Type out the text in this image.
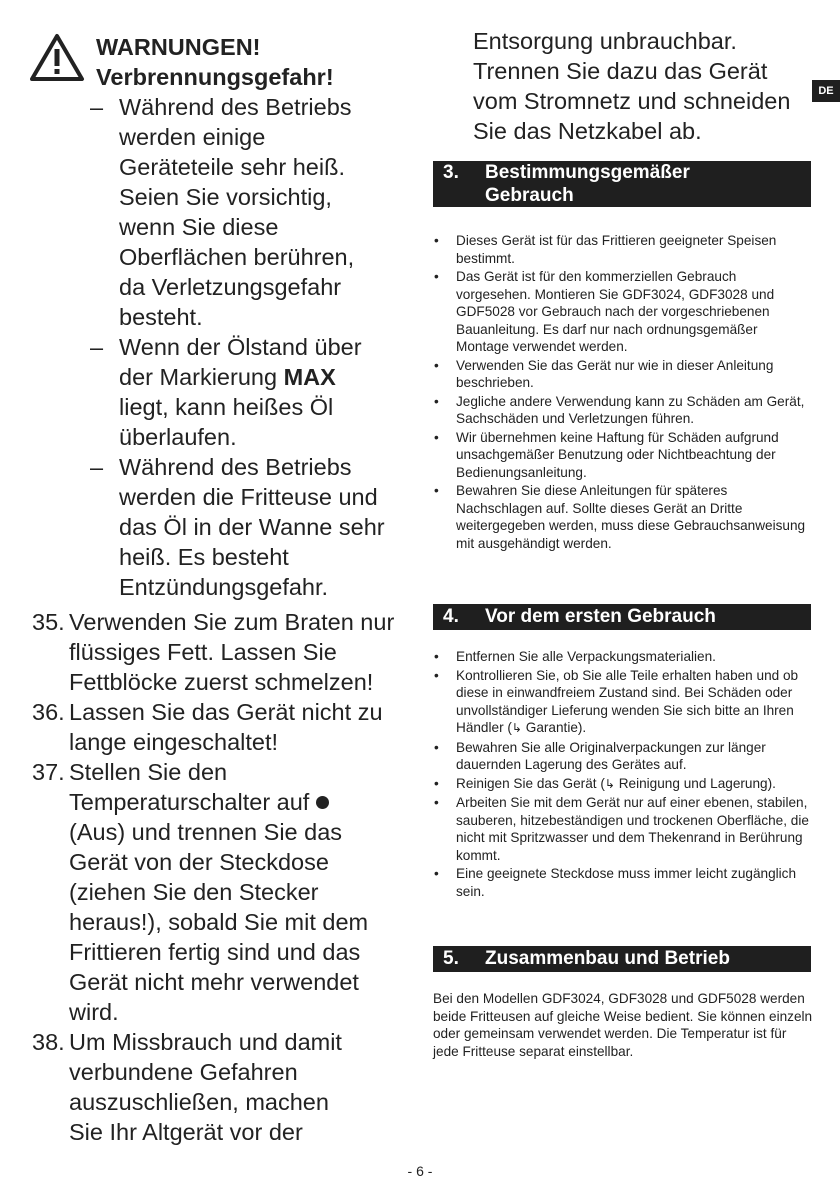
WARNUNGEN!
Verbrennungsgefahr!
– Während des Betriebs werden einige Geräteteile sehr heiß. Seien Sie vorsichtig, wenn Sie diese Oberflächen berühren, da Verletzungsgefahr besteht.
– Wenn der Ölstand über der Markierung MAX liegt, kann heißes Öl überlaufen.
– Während des Betriebs werden die Fritteuse und das Öl in der Wanne sehr heiß. Es besteht Entzündungsgefahr.
35. Verwenden Sie zum Braten nur flüssiges Fett. Lassen Sie Fettblöcke zuerst schmelzen!
36. Lassen Sie das Gerät nicht zu lange eingeschaltet!
37. Stellen Sie den Temperaturschalter auf  (Aus) und trennen Sie das Gerät von der Steckdose (ziehen Sie den Stecker heraus!), sobald Sie mit dem Frittieren fertig sind und das Gerät nicht mehr verwendet wird.
38. Um Missbrauch und damit verbundene Gefahren auszuschließen, machen Sie Ihr Altgerät vor der
Entsorgung unbrauchbar. Trennen Sie dazu das Gerät vom Stromnetz und schneiden Sie das Netzkabel ab.
DE
3. Bestimmungsgemäßer Gebrauch
• Dieses Gerät ist für das Frittieren geeigneter Speisen bestimmt.
• Das Gerät ist für den kommerziellen Gebrauch vorgesehen. Montieren Sie GDF3024, GDF3028 und GDF5028 vor Gebrauch nach der vorgeschriebenen Bauanleitung. Es darf nur nach ordnungsgemäßer Montage verwendet werden.
• Verwenden Sie das Gerät nur wie in dieser Anleitung beschrieben.
• Jegliche andere Verwendung kann zu Schäden am Gerät, Sachschäden und Verletzungen führen.
• Wir übernehmen keine Haftung für Schäden aufgrund unsachgemäßer Benutzung oder Nichtbeachtung der Bedienungsanleitung.
• Bewahren Sie diese Anleitungen für späteres Nachschlagen auf. Sollte dieses Gerät an Dritte weitergegeben werden, muss diese Gebrauchsanweisung mit ausgehändigt werden.
4. Vor dem ersten Gebrauch
• Entfernen Sie alle Verpackungsmaterialien.
• Kontrollieren Sie, ob Sie alle Teile erhalten haben und ob diese in einwandfreiem Zustand sind. Bei Schäden oder unvollständiger Lieferung wenden Sie sich bitte an Ihren Händler (↳ Garantie).
• Bewahren Sie alle Originalverpackungen zur länger dauernden Lagerung des Gerätes auf.
• Reinigen Sie das Gerät (↳ Reinigung und Lagerung).
• Arbeiten Sie mit dem Gerät nur auf einer ebenen, stabilen, sauberen, hitzebeständigen und trockenen Oberfläche, die nicht mit Spritzwasser und dem Thekenrand in Berührung kommt.
• Eine geeignete Steckdose muss immer leicht zugänglich sein.
5. Zusammenbau und Betrieb
Bei den Modellen GDF3024, GDF3028 und GDF5028 werden beide Fritteusen auf gleiche Weise bedient. Sie können einzeln oder gemeinsam verwendet werden. Die Temperatur ist für jede Fritteuse separat einstellbar.
- 6 -
